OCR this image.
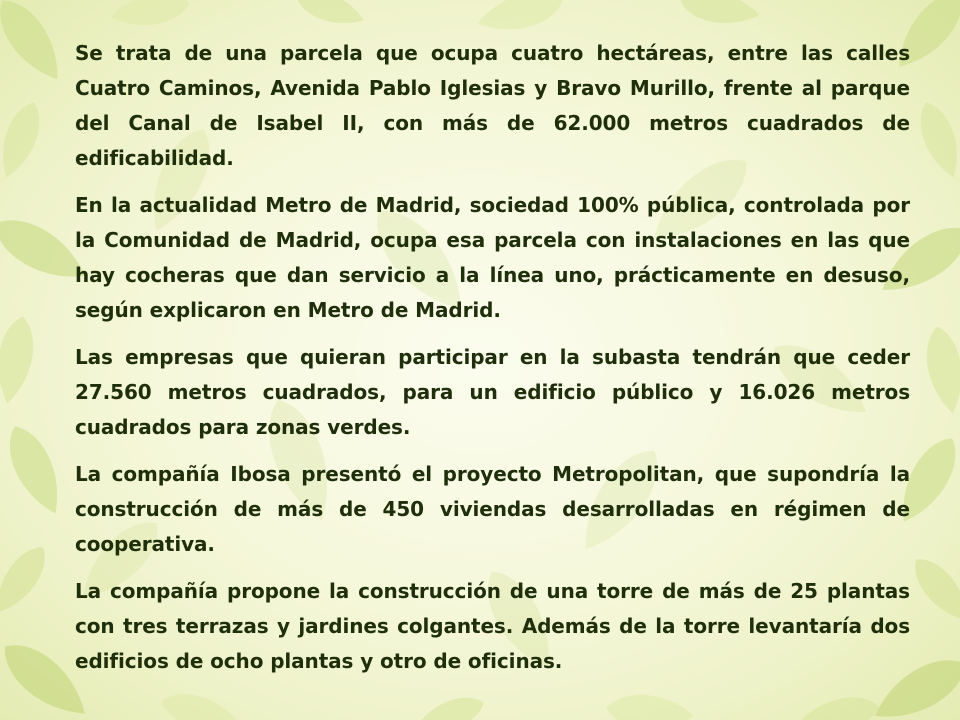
Se trata de una parcela que ocupa cuatro hectáreas, entre las calles Cuatro Caminos, Avenida Pablo Iglesias y Bravo Murillo, frente al parque del Canal de Isabel II, con más de 62.000 metros cuadrados de edificabilidad.

En la actualidad Metro de Madrid, sociedad 100% pública, controlada por la Comunidad de Madrid, ocupa esa parcela con instalaciones en las que hay cocheras que dan servicio a la línea uno, prácticamente en desuso, según explicaron en Metro de Madrid.

Las empresas que quieran participar en la subasta tendrán que ceder 27.560 metros cuadrados, para un edificio público y 16.026 metros cuadrados para zonas verdes.

La compañía Ibosa presentó el proyecto Metropolitan, que supondría la construcción de más de 450 viviendas desarrolladas en régimen de cooperativa.

La compañía propone la construcción de una torre de más de 25 plantas con tres terrazas y jardines colgantes. Además de la torre levantaría dos edificios de ocho plantas y otro de oficinas.
